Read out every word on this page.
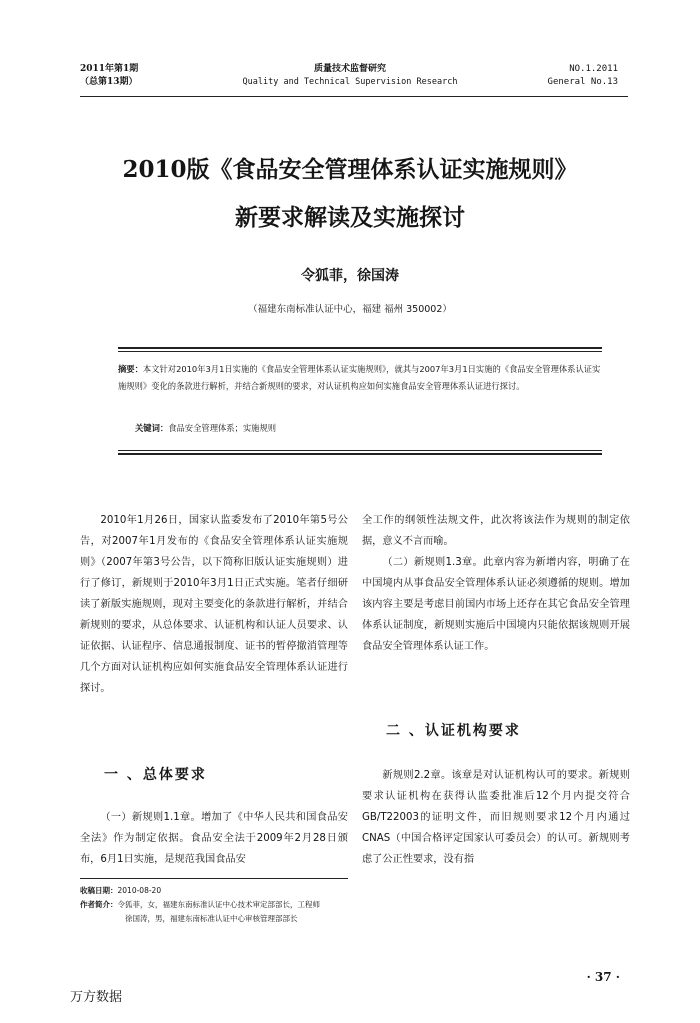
2011年第1期
（总第13期）
质量技术监督研究
Quality and Technical Supervision Research
NO.1.2011
General No.13
2010版《食品安全管理体系认证实施规则》
新要求解读及实施探讨
令狐菲，徐国涛
（福建东南标准认证中心，福建 福州 350002）
摘要：本文针对2010年3月1日实施的《食品安全管理体系认证实施规则》，就其与2007年3月1日实施的《食品安全管理体系认证实施规则》变化的条款进行解析，并结合新规则的要求，对认证机构应如何实施食品安全管理体系认证进行探讨。
关键词：食品安全管理体系；实施规则

2010年1月26日，国家认监委发布了2010年第5号公告，对2007年1月发布的《食品安全管理体系认证实施规则》（2007年第3号公告，以下简称旧版认证实施规则）进行了修订，新规则于2010年3月1日正式实施。笔者仔细研读了新版实施规则，现对主要变化的条款进行解析，并结合新规则的要求，从总体要求、认证机构和认证人员要求、认证依据、认证程序、信息通报制度、证书的暂停撤消管理等几个方面对认证机构应如何实施食品安全管理体系认证进行探讨。

全工作的纲领性法规文件，此次将该法作为规则的制定依据，意义不言而喻。

（二）新规则1.3章。此章内容为新增内容，明确了在中国境内从事食品安全管理体系认证必须遵循的规则。增加该内容主要是考虑目前国内市场上还存在其它食品安全管理体系认证制度，新规则实施后中国境内只能依据该规则开展食品安全管理体系认证工作。

一 、总体要求
二 、认证机构要求

（一）新规则1.1章。增加了《中华人民共和国食品安全法》作为制定依据。食品安全法于2009年2月28日颁布，6月1日实施，是规范我国食品安

新规则2.2章。该章是对认证机构认可的要求。新规则要求认证机构在获得认监委批准后12个月内提交符合GB/T22003的证明文件，而旧规则要求12个月内通过CNAS（中国合格评定国家认可委员会）的认可。新规则考虑了公正性要求，没有指

收稿日期：2010-08-20
作者简介：令狐菲，女，福建东南标准认证中心技术审定部部长，工程师
徐国涛，男，福建东南标准认证中心审核管理部部长
· 37 ·
万方数据
